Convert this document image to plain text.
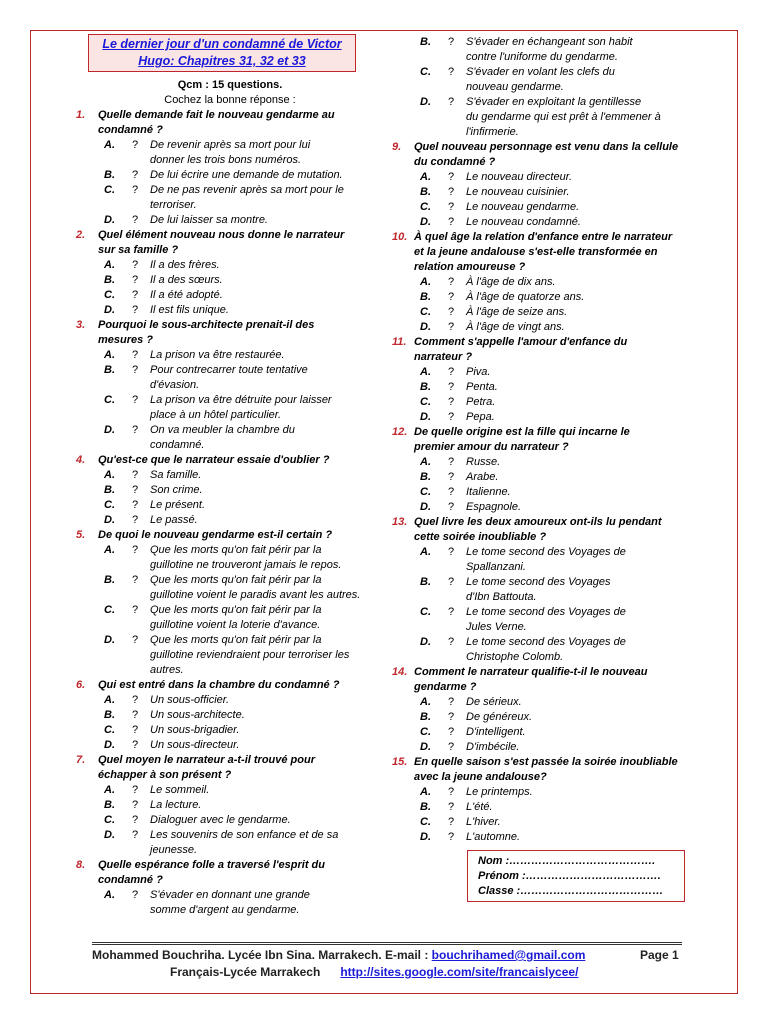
Le dernier jour d'un condamné de Victor
Hugo: Chapitres 31, 32 et 33
Qcm : 15 questions.
Cochez la bonne réponse :
1. Quelle demande fait le nouveau gendarme au
condamné ?
A. ? De revenir après sa mort pour lui
donner les trois bons numéros.
B. ? De lui écrire une demande de mutation.
C. ? De ne pas revenir après sa mort pour le
terroriser.
D. ? De lui laisser sa montre.
2. Quel élément nouveau nous donne le narrateur
sur sa famille ?
A. ? Il a des frères.
B. ? Il a des sœurs.
C. ? Il a été adopté.
D. ? Il est fils unique.
3. Pourquoi le sous-architecte prenait-il des
mesures ?
A. ? La prison va être restaurée.
B. ? Pour contrecarrer toute tentative
d'évasion.
C. ? La prison va être détruite pour laisser
place à un hôtel particulier.
D. ? On va meubler la chambre du
condamné.
4. Qu'est-ce que le narrateur essaie d'oublier ?
A. ? Sa famille.
B. ? Son crime.
C. ? Le présent.
D. ? Le passé.
5. De quoi le nouveau gendarme est-il certain ?
A. ? Que les morts qu'on fait périr par la
guillotine ne trouveront jamais le repos.
B. ? Que les morts qu'on fait périr par la
guillotine voient le paradis avant les autres.
C. ? Que les morts qu'on fait périr par la
guillotine voient la loterie d'avance.
D. ? Que les morts qu'on fait périr par la
guillotine reviendraient pour terroriser les
autres.
6. Qui est entré dans la chambre du condamné ?
A. ? Un sous-officier.
B. ? Un sous-architecte.
C. ? Un sous-brigadier.
D. ? Un sous-directeur.
7. Quel moyen le narrateur a-t-il trouvé pour
échapper à son présent ?
A. ? Le sommeil.
B. ? La lecture.
C. ? Dialoguer avec le gendarme.
D. ? Les souvenirs de son enfance et de sa
jeunesse.
8. Quelle espérance folle a traversé l'esprit du
condamné ?
A. ? S'évader en donnant une grande
somme d'argent au gendarme.
B. ? S'évader en échangeant son habit
contre l'uniforme du gendarme.
C. ? S'évader en volant les clefs du
nouveau gendarme.
D. ? S'évader en exploitant la gentillesse
du gendarme qui est prêt à l'emmener à
l'infirmerie.
9. Quel nouveau personnage est venu dans la cellule
du condamné ?
A. ? Le nouveau directeur.
B. ? Le nouveau cuisinier.
C. ? Le nouveau gendarme.
D. ? Le nouveau condamné.
10. À quel âge la relation d'enfance entre le narrateur
et la jeune andalouse s'est-elle transformée en
relation amoureuse ?
A. ? À l'âge de dix ans.
B. ? À l'âge de quatorze ans.
C. ? À l'âge de seize ans.
D. ? À l'âge de vingt ans.
11. Comment s'appelle l'amour d'enfance du
narrateur ?
A. ? Piva.
B. ? Penta.
C. ? Petra.
D. ? Pepa.
12. De quelle origine est la fille qui incarne le
premier amour du narrateur ?
A. ? Russe.
B. ? Arabe.
C. ? Italienne.
D. ? Espagnole.
13. Quel livre les deux amoureux ont-ils lu pendant
cette soirée inoubliable ?
A. ? Le tome second des Voyages de
Spallanzani.
B. ? Le tome second des Voyages
d'Ibn Battouta.
C. ? Le tome second des Voyages de
Jules Verne.
D. ? Le tome second des Voyages de
Christophe Colomb.
14. Comment le narrateur qualifie-t-il le nouveau
gendarme ?
A. ? De sérieux.
B. ? De généreux.
C. ? D'intelligent.
D. ? D'imbécile.
15. En quelle saison s'est passée la soirée inoubliable
avec la jeune andalouse?
A. ? Le printemps.
B. ? L'été.
C. ? L'hiver.
D. ? L'automne.
Nom :………………………………….
Prénom :……………………………….
Classe :…………………………………
Mohammed Bouchriha. Lycée Ibn Sina. Marrakech. E-mail : bouchrihamed@gmail.com	Page 1
Français-Lycée Marrakech http://sites.google.com/site/francaislycee/
